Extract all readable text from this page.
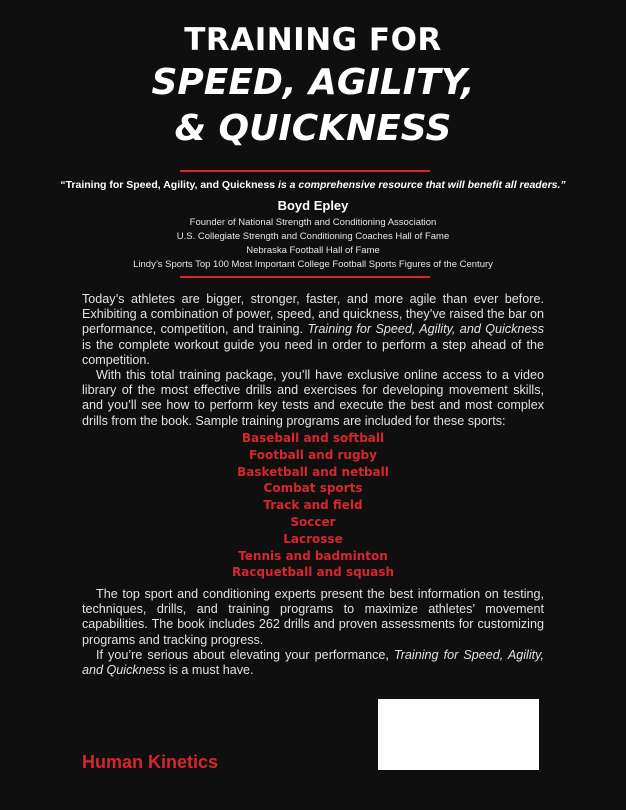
TRAINING FOR
SPEED, AGILITY,
& QUICKNESS
“Training for Speed, Agility, and Quickness is a comprehensive resource that will benefit all readers.”
Boyd Epley
Founder of National Strength and Conditioning Association
U.S. Collegiate Strength and Conditioning Coaches Hall of Fame
Nebraska Football Hall of Fame
Lindy’s Sports Top 100 Most Important College Football Sports Figures of the Century

Today’s athletes are bigger, stronger, faster, and more agile than ever before. Exhibiting a combination of power, speed, and quickness, they’ve raised the bar on performance, competition, and training. Training for Speed, Agility, and Quickness is the complete workout guide you need in order to perform a step ahead of the competition.

With this total training package, you’ll have exclusive online access to a video library of the most effective drills and exercises for developing movement skills, and you’ll see how to perform key tests and execute the best and most complex drills from the book. Sample training programs are included for these sports:

Baseball and softball
Football and rugby
Basketball and netball
Combat sports
Track and field
Soccer
Lacrosse
Tennis and badminton
Racquetball and squash

The top sport and conditioning experts present the best information on testing, techniques, drills, and training programs to maximize athletes’ movement capabilities. The book includes 262 drills and proven assessments for customizing programs and tracking progress.

If you’re serious about elevating your performance, Training for Speed, Agility, and Quickness is a must have.

Human Kinetics
